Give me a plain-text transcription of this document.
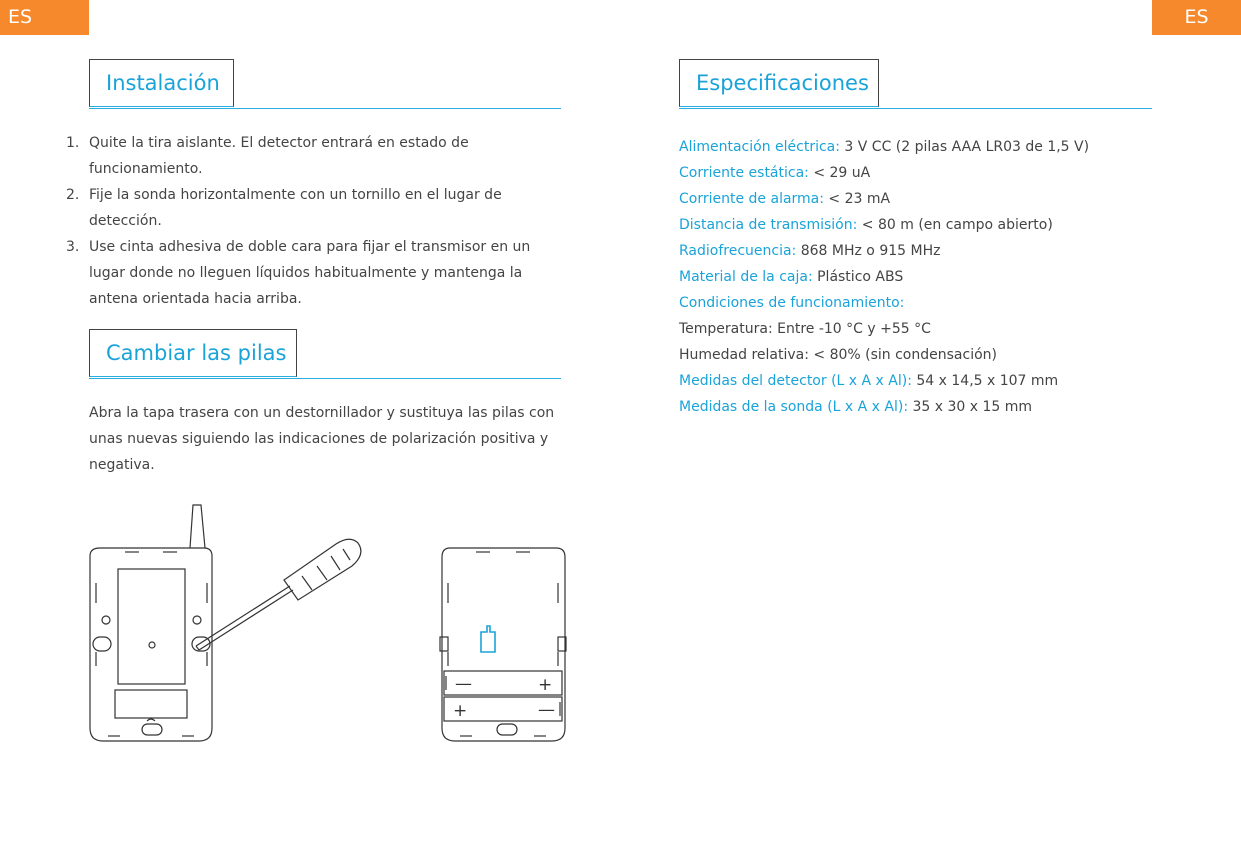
ES	ES
Instalación
1. Quite la tira aislante. El detector entrará en estado de funcionamiento.
2. Fije la sonda horizontalmente con un tornillo en el lugar de detección.
3. Use cinta adhesiva de doble cara para fijar el transmisor en un lugar donde no lleguen líquidos habitualmente y mantenga la antena orientada hacia arriba.
Cambiar las pilas
Abra la tapa trasera con un destornillador y sustituya las pilas con unas nuevas siguiendo las indicaciones de polarización positiva y negativa.
Especificaciones
Alimentación eléctrica: 3 V CC (2 pilas AAA LR03 de 1,5 V)
Corriente estática: < 29 uA
Corriente de alarma: < 23 mA
Distancia de transmisión: < 80 m (en campo abierto)
Radiofrecuencia: 868 MHz o 915 MHz
Material de la caja: Plástico ABS
Condiciones de funcionamiento:
Temperatura: Entre -10 °C y +55 °C
Humedad relativa: < 80% (sin condensación)
Medidas del detector (L x A x Al): 54 x 14,5 x 107 mm
Medidas de la sonda (L x A x Al): 35 x 30 x 15 mm
—	+
+	—
